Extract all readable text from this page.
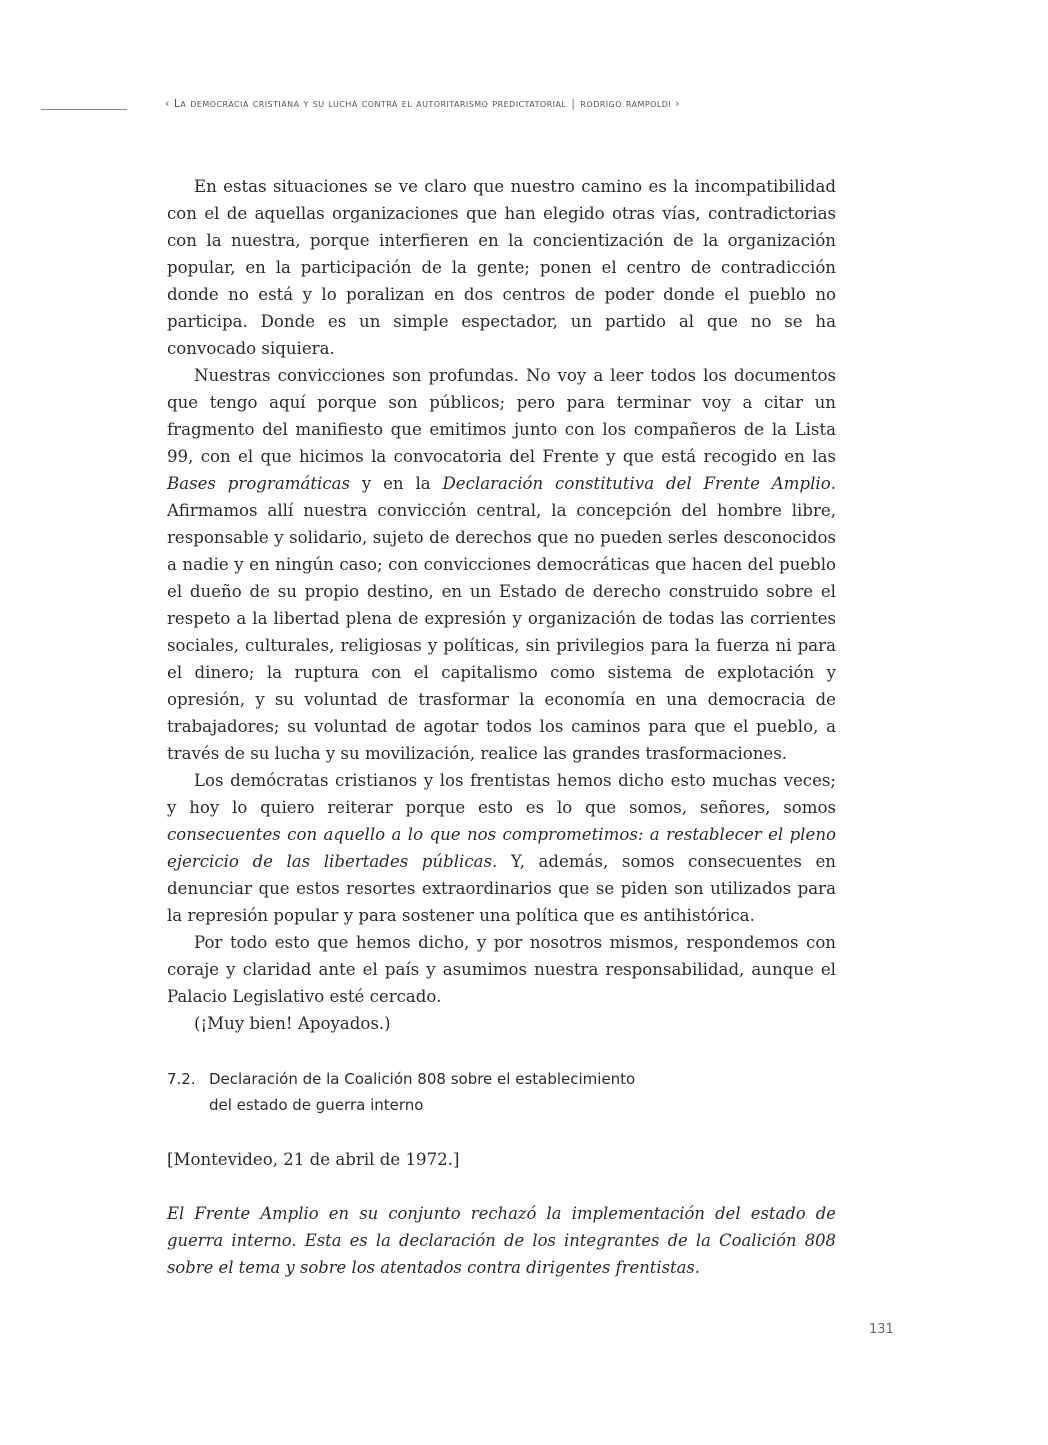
‹ La democracia cristiana y su lucha contra el autoritarismo predictatorial | rodrigo rampoldi ›

En estas situaciones se ve claro que nuestro camino es la incompatibilidad con el de aquellas organizaciones que han elegido otras vías, contradictorias con la nuestra, porque interfieren en la concientización de la organización popular, en la participación de la gente; ponen el centro de contradicción donde no está y lo poralizan en dos centros de poder donde el pueblo no participa. Donde es un simple espectador, un partido al que no se ha convocado siquiera.

Nuestras convicciones son profundas. No voy a leer todos los documentos que tengo aquí porque son públicos; pero para terminar voy a citar un fragmento del manifiesto que emitimos junto con los compañeros de la Lista 99, con el que hicimos la convocatoria del Frente y que está recogido en las Bases programáticas y en la Declaración constitutiva del Frente Amplio. Afirmamos allí nuestra convicción central, la concepción del hombre libre, responsable y solidario, sujeto de derechos que no pueden serles desconocidos a nadie y en ningún caso; con convicciones democráticas que hacen del pueblo el dueño de su propio destino, en un Estado de derecho construido sobre el respeto a la libertad plena de expresión y organización de todas las corrientes sociales, culturales, religiosas y políticas, sin privilegios para la fuerza ni para el dinero; la ruptura con el capitalismo como sistema de explotación y opresión, y su voluntad de trasformar la economía en una democracia de trabajadores; su voluntad de agotar todos los caminos para que el pueblo, a través de su lucha y su movilización, realice las grandes trasformaciones.

Los demócratas cristianos y los frentistas hemos dicho esto muchas veces; y hoy lo quiero reiterar porque esto es lo que somos, señores, somos consecuentes con aquello a lo que nos comprometimos: a restablecer el pleno ejercicio de las libertades públicas. Y, además, somos consecuentes en denunciar que estos resortes extraordinarios que se piden son utilizados para la represión popular y para sostener una política que es antihistórica.

Por todo esto que hemos dicho, y por nosotros mismos, respondemos con coraje y claridad ante el país y asumimos nuestra responsabilidad, aunque el Palacio Legislativo esté cercado.

(¡Muy bien! Apoyados.)

7.2. Declaración de la Coalición 808 sobre el establecimiento
del estado de guerra interno

[Montevideo, 21 de abril de 1972.]

El Frente Amplio en su conjunto rechazó la implementación del estado de guerra interno. Esta es la declaración de los integrantes de la Coalición 808 sobre el tema y sobre los atentados contra dirigentes frentistas.

131
